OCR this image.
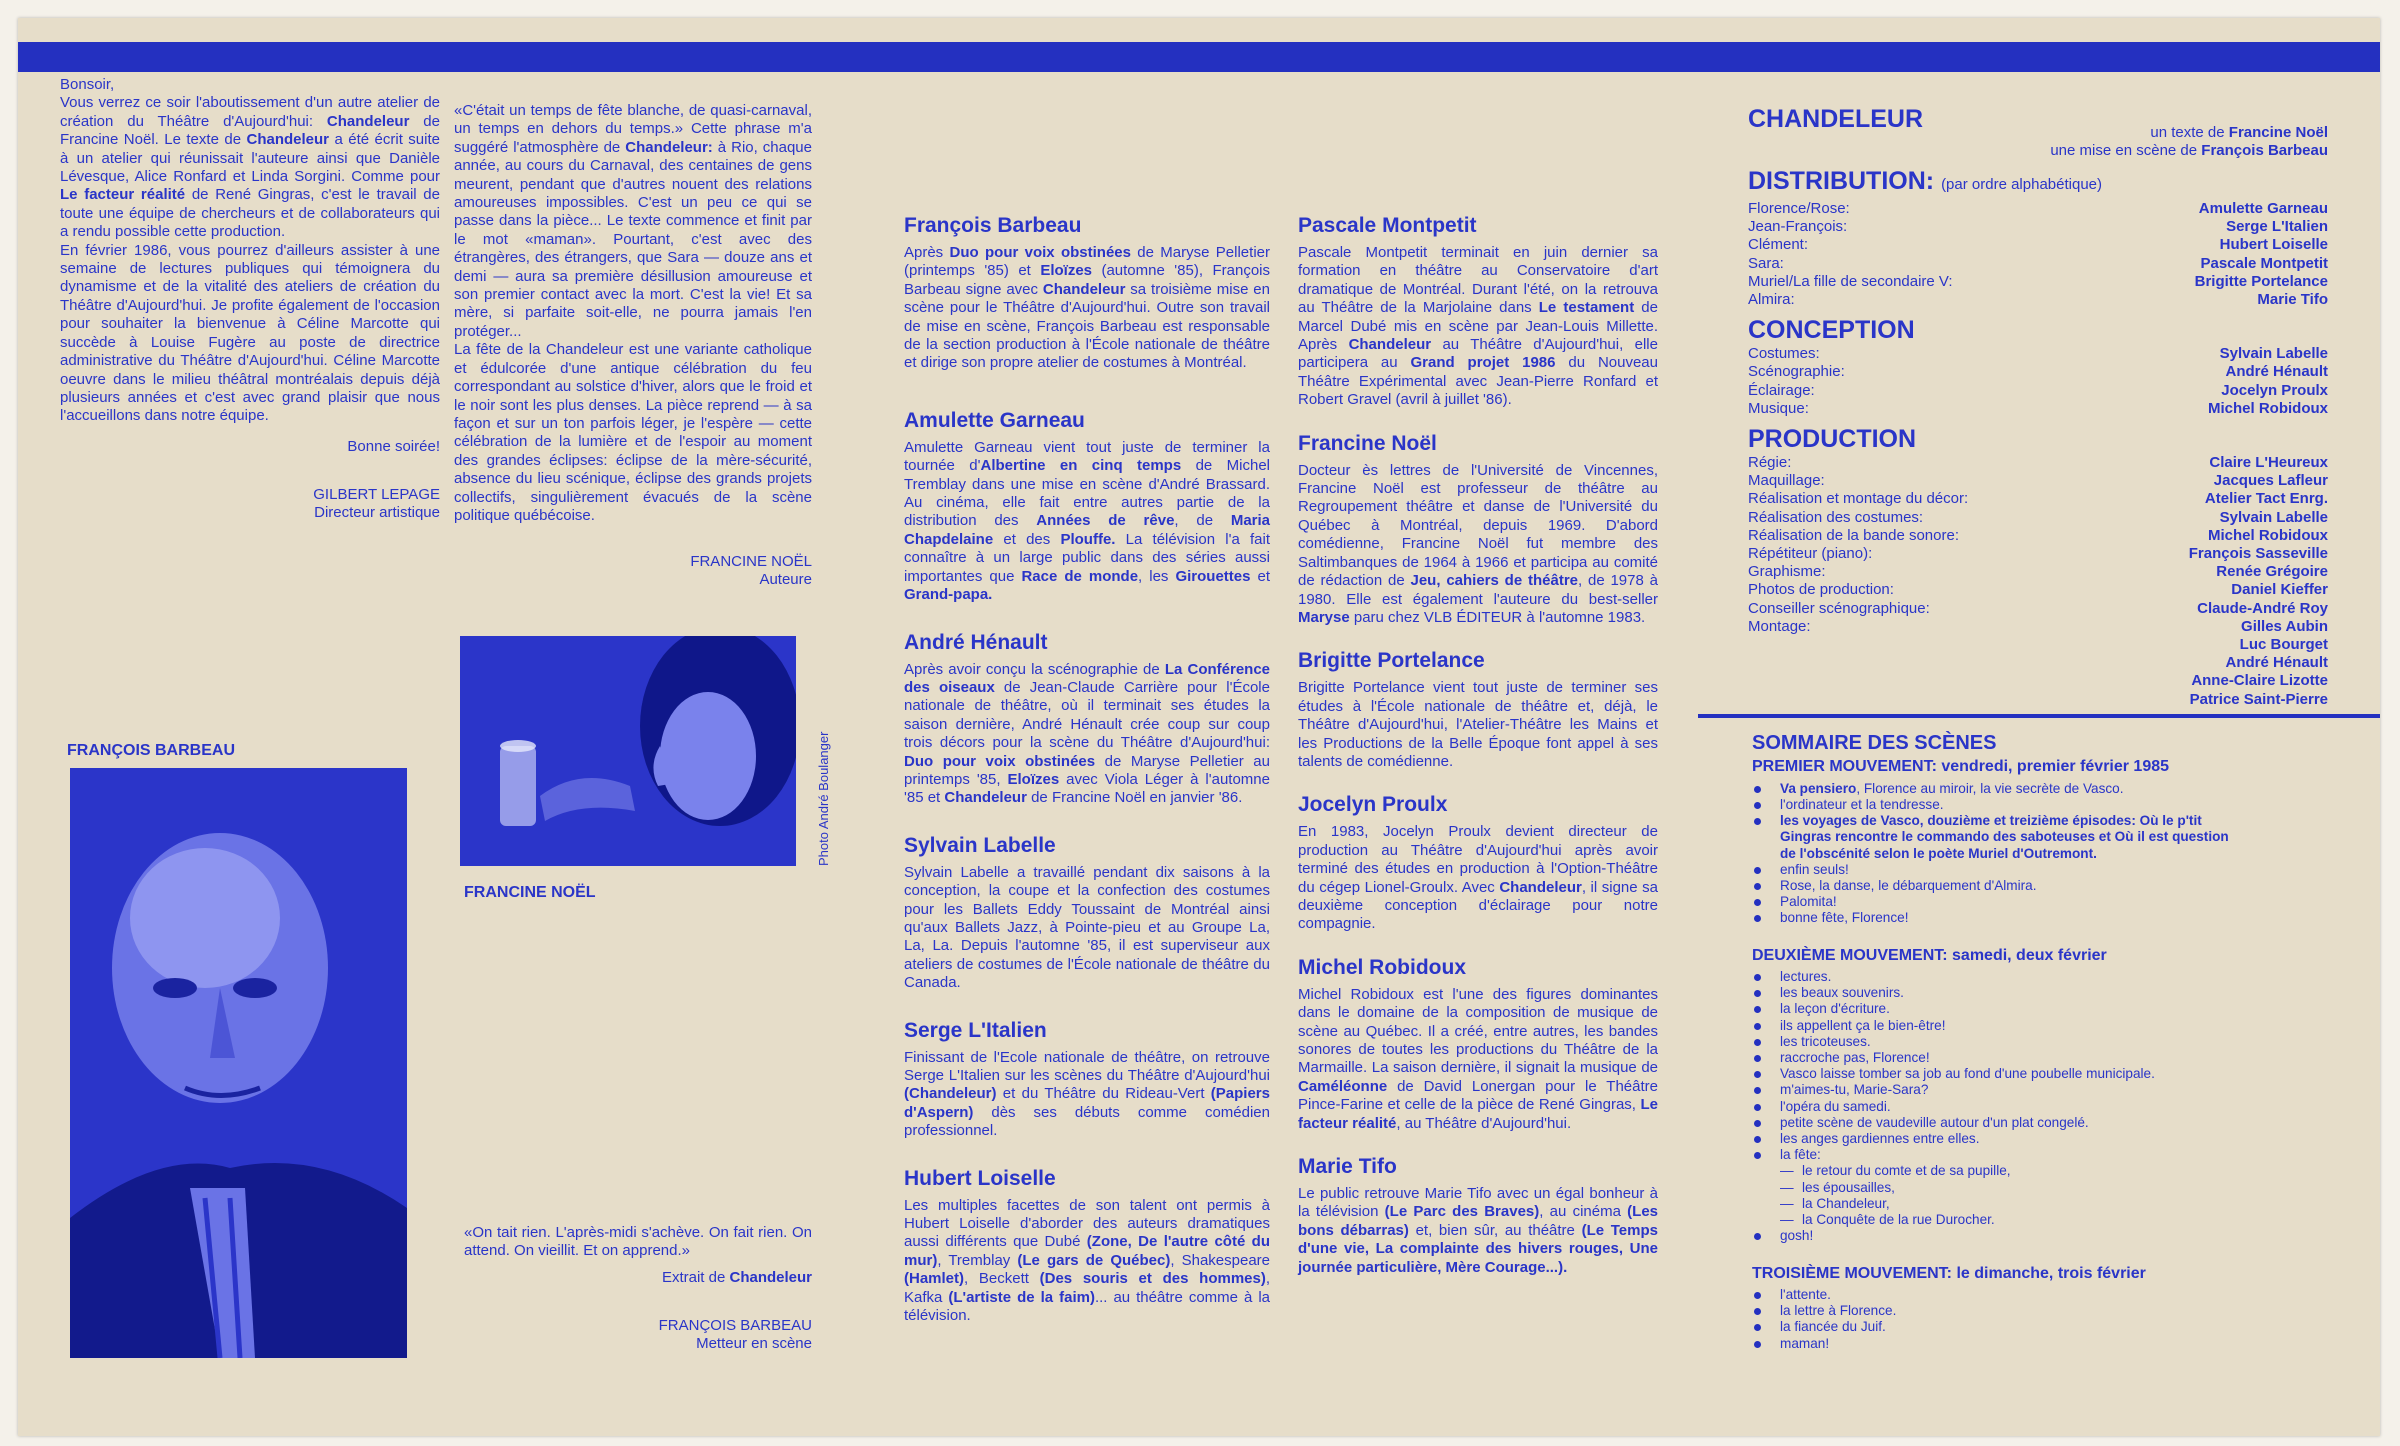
Bonsoir,
Vous verrez ce soir l'aboutissement d'un autre atelier de création du Théâtre d'Aujourd'hui: Chandeleur de Francine Noël. Le texte de Chandeleur a été écrit suite à un atelier qui réunissait l'auteure ainsi que Danièle Lévesque, Alice Ronfard et Linda Sorgini. Comme pour Le facteur réalité de René Gingras, c'est le travail de toute une équipe de chercheurs et de collaborateurs qui a rendu possible cette production.
En février 1986, vous pourrez d'ailleurs assister à une semaine de lectures publiques qui témoignera du dynamisme et de la vitalité des ateliers de création du Théâtre d'Aujourd'hui. Je profite également de l'occasion pour souhaiter la bienvenue à Céline Marcotte qui succède à Louise Fugère au poste de directrice administrative du Théâtre d'Aujourd'hui. Céline Marcotte oeuvre dans le milieu théâtral montréalais depuis déjà plusieurs années et c'est avec grand plaisir que nous l'accueillons dans notre équipe.
Bonne soirée!
GILBERT LEPAGE
Directeur artistique
«C'était un temps de fête blanche, de quasi-carnaval, un temps en dehors du temps.» Cette phrase m'a suggéré l'atmosphère de Chandeleur: à Rio, chaque année, au cours du Carnaval, des centaines de gens meurent, pendant que d'autres nouent des relations amoureuses impossibles. C'est un peu ce qui se passe dans la pièce... Le texte commence et finit par le mot «maman». Pourtant, c'est avec des étrangères, des étrangers, que Sara — douze ans et demi — aura sa première désillusion amoureuse et son premier contact avec la mort. C'est la vie! Et sa mère, si parfaite soit-elle, ne pourra jamais l'en protéger...
La fête de la Chandeleur est une variante catholique et édulcorée d'une antique célébration du feu correspondant au solstice d'hiver, alors que le froid et le noir sont les plus denses. La pièce reprend — à sa façon et sur un ton parfois léger, je l'espère — cette célébration de la lumière et de l'espoir au moment des grandes éclipses: éclipse de la mère-sécurité, absence du lieu scénique, éclipse des grands projets collectifs, singulièrement évacués de la scène politique québécoise.
FRANCINE NOËL
Auteure
FRANÇOIS BARBEAU
FRANCINE NOËL
Photo André Boulanger
«On tait rien. L'après-midi s'achève. On fait rien. On attend. On vieillit. Et on apprend.»
Extrait de Chandeleur
FRANÇOIS BARBEAU
Metteur en scène
François Barbeau
Après Duo pour voix obstinées de Maryse Pelletier (printemps '85) et Eloïzes (automne '85), François Barbeau signe avec Chandeleur sa troisième mise en scène pour le Théâtre d'Aujourd'hui. Outre son travail de mise en scène, François Barbeau est responsable de la section production à l'École nationale de théâtre et dirige son propre atelier de costumes à Montréal.
Amulette Garneau
Amulette Garneau vient tout juste de terminer la tournée d'Albertine en cinq temps de Michel Tremblay dans une mise en scène d'André Brassard. Au cinéma, elle fait entre autres partie de la distribution des Années de rêve, de Maria Chapdelaine et des Plouffe. La télévision l'a fait connaître à un large public dans des séries aussi importantes que Race de monde, les Girouettes et Grand-papa.
André Hénault
Après avoir conçu la scénographie de La Conférence des oiseaux de Jean-Claude Carrière pour l'École nationale de théâtre, où il terminait ses études la saison dernière, André Hénault crée coup sur coup trois décors pour la scène du Théâtre d'Aujourd'hui: Duo pour voix obstinées de Maryse Pelletier au printemps '85, Eloïzes avec Viola Léger à l'automne '85 et Chandeleur de Francine Noël en janvier '86.
Sylvain Labelle
Sylvain Labelle a travaillé pendant dix saisons à la conception, la coupe et la confection des costumes pour les Ballets Eddy Toussaint de Montréal ainsi qu'aux Ballets Jazz, à Pointe-pieu et au Groupe La, La, La. Depuis l'automne '85, il est superviseur aux ateliers de costumes de l'École nationale de théâtre du Canada.
Serge L'Italien
Finissant de l'Ecole nationale de théâtre, on retrouve Serge L'Italien sur les scènes du Théâtre d'Aujourd'hui (Chandeleur) et du Théâtre du Rideau-Vert (Papiers d'Aspern) dès ses débuts comme comédien professionnel.
Hubert Loiselle
Les multiples facettes de son talent ont permis à Hubert Loiselle d'aborder des auteurs dramatiques aussi différents que Dubé (Zone, De l'autre côté du mur), Tremblay (Le gars de Québec), Shakespeare (Hamlet), Beckett (Des souris et des hommes), Kafka (L'artiste de la faim)... au théâtre comme à la télévision.
Pascale Montpetit
Pascale Montpetit terminait en juin dernier sa formation en théâtre au Conservatoire d'art dramatique de Montréal. Durant l'été, on la retrouva au Théâtre de la Marjolaine dans Le testament de Marcel Dubé mis en scène par Jean-Louis Millette. Après Chandeleur au Théâtre d'Aujourd'hui, elle participera au Grand projet 1986 du Nouveau Théâtre Expérimental avec Jean-Pierre Ronfard et Robert Gravel (avril à juillet '86).
Francine Noël
Docteur ès lettres de l'Université de Vincennes, Francine Noël est professeur de théâtre au Regroupement théâtre et danse de l'Université du Québec à Montréal, depuis 1969. D'abord comédienne, Francine Noël fut membre des Saltimbanques de 1964 à 1966 et participa au comité de rédaction de Jeu, cahiers de théâtre, de 1978 à 1980. Elle est également l'auteure du best-seller Maryse paru chez VLB ÉDITEUR à l'automne 1983.
Brigitte Portelance
Brigitte Portelance vient tout juste de terminer ses études à l'École nationale de théâtre et, déjà, le Théâtre d'Aujourd'hui, l'Atelier-Théâtre les Mains et les Productions de la Belle Époque font appel à ses talents de comédienne.
Jocelyn Proulx
En 1983, Jocelyn Proulx devient directeur de production au Théâtre d'Aujourd'hui après avoir terminé des études en production à l'Option-Théâtre du cégep Lionel-Groulx. Avec Chandeleur, il signe sa deuxième conception d'éclairage pour notre compagnie.
Michel Robidoux
Michel Robidoux est l'une des figures dominantes dans le domaine de la composition de musique de scène au Québec. Il a créé, entre autres, les bandes sonores de toutes les productions du Théâtre de la Marmaille. La saison dernière, il signait la musique de Caméléonne de David Lonergan pour le Théâtre Pince-Farine et celle de la pièce de René Gingras, Le facteur réalité, au Théâtre d'Aujourd'hui.
Marie Tifo
Le public retrouve Marie Tifo avec un égal bonheur à la télévision (Le Parc des Braves), au cinéma (Les bons débarras) et, bien sûr, au théâtre (Le Temps d'une vie, La complainte des hivers rouges, Une journée particulière, Mère Courage...).
CHANDELEUR	un texte de Francine Noël
une mise en scène de François Barbeau
DISTRIBUTION: (par ordre alphabétique)
Florence/Rose:	Amulette Garneau
Jean-François:	Serge L'Italien
Clément:	Hubert Loiselle
Sara:	Pascale Montpetit
Muriel/La fille de secondaire V:	Brigitte Portelance
Almira:	Marie Tifo
CONCEPTION
Costumes:	Sylvain Labelle
Scénographie:	André Hénault
Éclairage:	Jocelyn Proulx
Musique:	Michel Robidoux
PRODUCTION
Régie:	Claire L'Heureux
Maquillage:	Jacques Lafleur
Réalisation et montage du décor:	Atelier Tact Enrg.
Réalisation des costumes:	Sylvain Labelle
Réalisation de la bande sonore:	Michel Robidoux
Répétiteur (piano):	François Sasseville
Graphisme:	Renée Grégoire
Photos de production:	Daniel Kieffer
Conseiller scénographique:	Claude-André Roy
Montage:	Gilles Aubin
Luc Bourget
André Hénault
Anne-Claire Lizotte
Patrice Saint-Pierre
SOMMAIRE DES SCÈNES
PREMIER MOUVEMENT: vendredi, premier février 1985
Va pensiero, Florence au miroir, la vie secrète de Vasco.
l'ordinateur et la tendresse.
les voyages de Vasco, douzième et treizième épisodes: Où le p'tit Gingras rencontre le commando des saboteuses et Où il est question de l'obscénité selon le poète Muriel d'Outremont.
enfin seuls!
Rose, la danse, le débarquement d'Almira.
Palomita!
bonne fête, Florence!
DEUXIÈME MOUVEMENT: samedi, deux février
lectures.
les beaux souvenirs.
la leçon d'écriture.
ils appellent ça le bien-être!
les tricoteuses.
raccroche pas, Florence!
Vasco laisse tomber sa job au fond d'une poubelle municipale.
m'aimes-tu, Marie-Sara?
l'opéra du samedi.
petite scène de vaudeville autour d'un plat congelé.
les anges gardiennes entre elles.
la fête:
— le retour du comte et de sa pupille,
— les épousailles,
— la Chandeleur,
— la Conquête de la rue Durocher.
gosh!
TROISIÈME MOUVEMENT: le dimanche, trois février
l'attente.
la lettre à Florence.
la fiancée du Juif.
maman!
